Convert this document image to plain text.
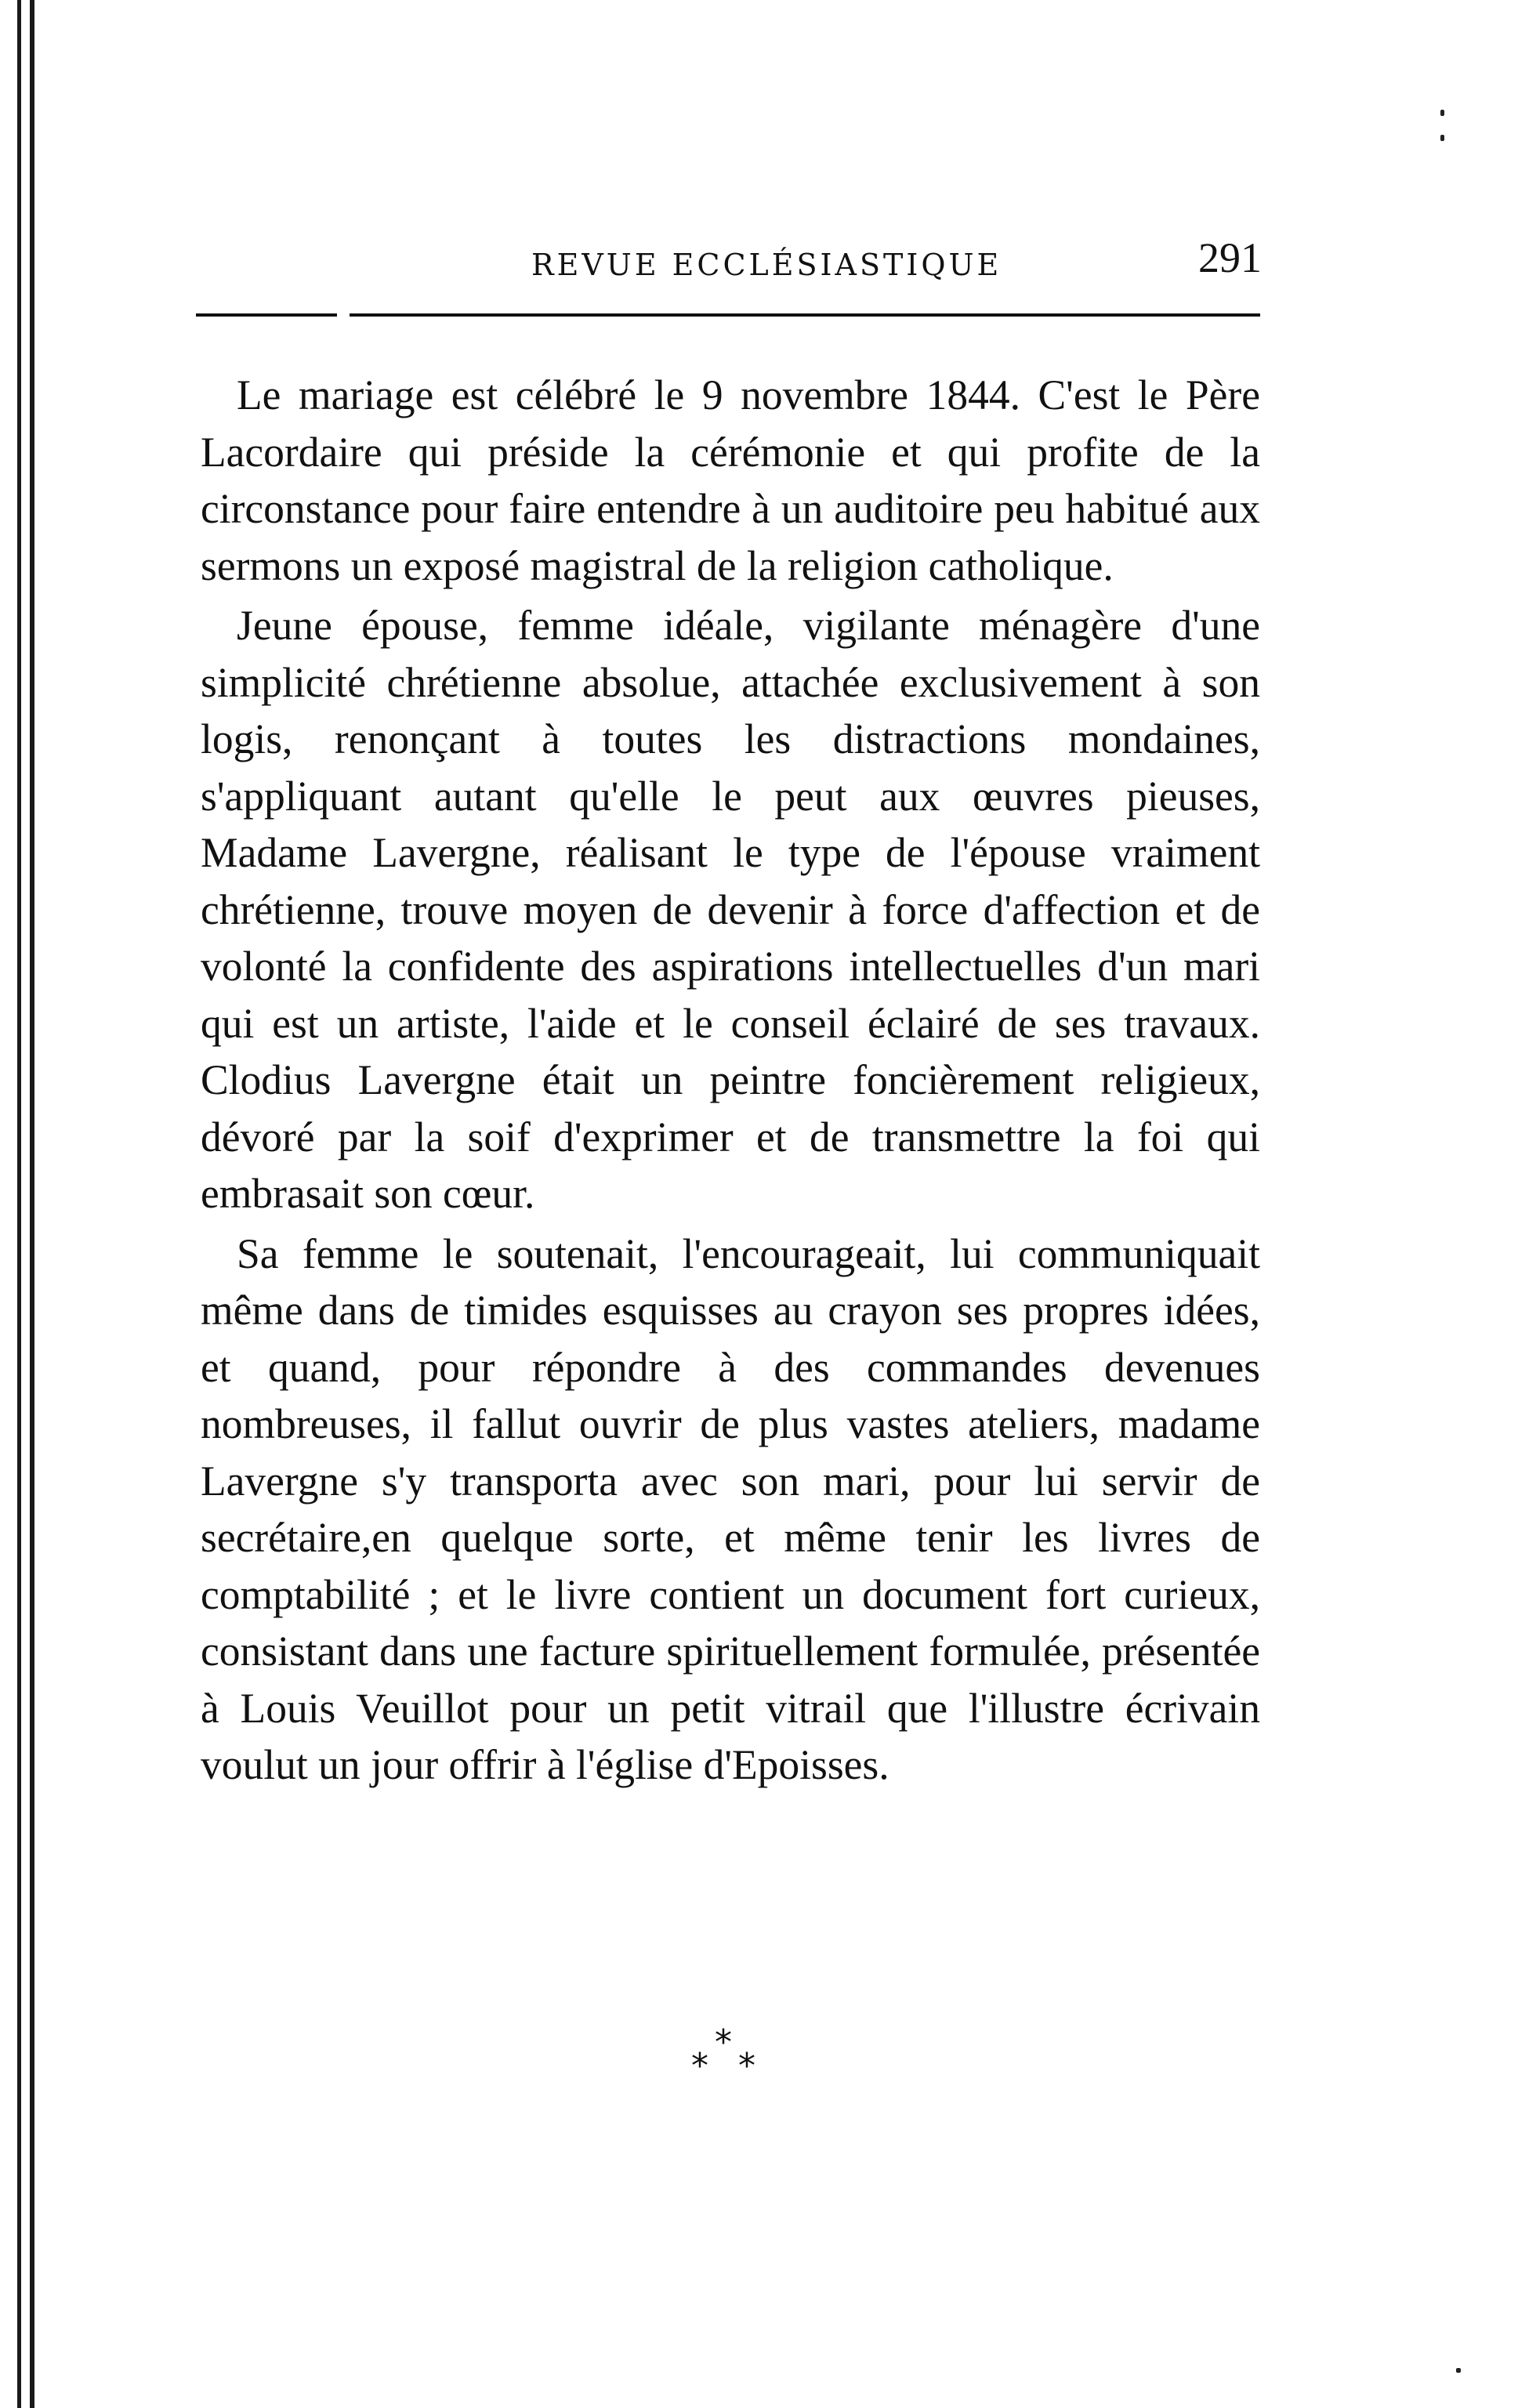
REVUE ECCLÉSIASTIQUE	291

Le mariage est célébré le 9 novembre 1844. C'est le Père Lacordaire qui préside la cérémonie et qui profite de la circonstance pour faire entendre à un auditoire peu habitué aux sermons un exposé magistral de la religion catholique.

Jeune épouse, femme idéale, vigilante ménagère d'une simplicité chrétienne absolue, attachée exclusivement à son logis, renonçant à toutes les distractions mondaines, s'appliquant autant qu'elle le peut aux œuvres pieuses, Madame Lavergne, réalisant le type de l'épouse vraiment chrétienne, trouve moyen de devenir à force d'affection et de volonté la confidente des aspirations intellectuelles d'un mari qui est un artiste, l'aide et le conseil éclairé de ses travaux. Clodius Lavergne était un peintre foncièrement religieux, dévoré par la soif d'exprimer et de transmettre la foi qui embrasait son cœur.

Sa femme le soutenait, l'encourageait, lui communiquait même dans de timides esquisses au crayon ses propres idées, et quand, pour répondre à des commandes devenues nombreuses, il fallut ouvrir de plus vastes ateliers, madame Lavergne s'y transporta avec son mari, pour lui servir de secrétaire,en quelque sorte, et même tenir les livres de comptabilité ; et le livre contient un document fort curieux, consistant dans une facture spirituellement formulée, présentée à Louis Veuillot pour un petit vitrail que l'illustre écrivain voulut un jour offrir à l'église d'Epoisses.

*
* *
